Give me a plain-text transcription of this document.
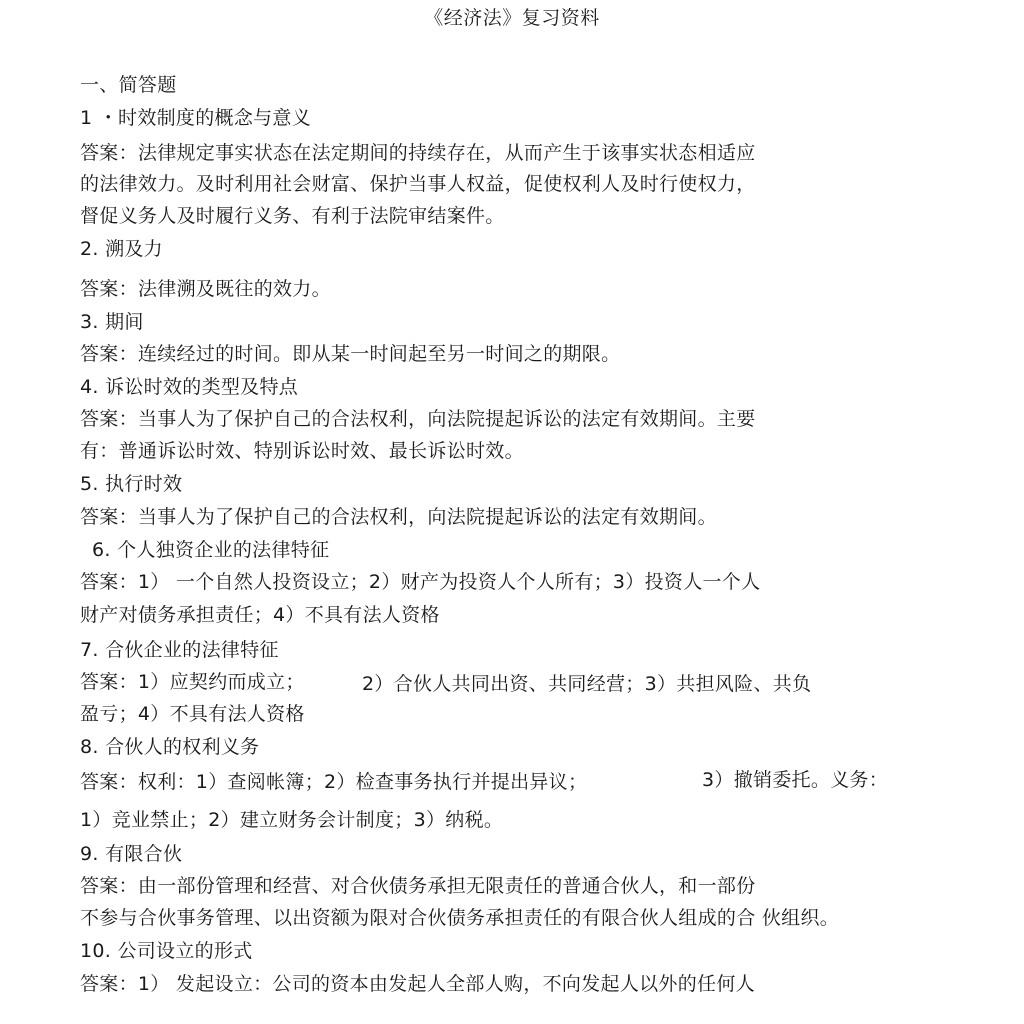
《经济法》复习资料
一、简答题
1 ・时效制度的概念与意义
答案：法律规定事实状态在法定期间的持续存在，从而产生于该事实状态相适应
的法律效力。及时利用社会财富、保护当事人权益，促使权利人及时行使权力，
督促义务人及时履行义务、有利于法院审结案件。
2. 溯及力
答案：法律溯及既往的效力。
3. 期间
答案：连续经过的时间。即从某一时间起至另一时间之的期限。
4. 诉讼时效的类型及特点
答案：当事人为了保护自己的合法权利，向法院提起诉讼的法定有效期间。主要
有：普通诉讼时效、特别诉讼时效、最长诉讼时效。
5. 执行时效
答案：当事人为了保护自己的合法权利，向法院提起诉讼的法定有效期间。
6. 个人独资企业的法律特征
答案：1） 一个自然人投资设立；2）财产为投资人个人所有；3）投资人一个人
财产对债务承担责任；4）不具有法人资格
7. 合伙企业的法律特征
答案：1）应契约而成立；	2）合伙人共同出资、共同经营；3）共担风险、共负
盈亏；4）不具有法人资格
8. 合伙人的权利义务
答案：权利：1）查阅帐簿；2）检查事务执行并提出异议；	3）撤销委托。义务：
1）竞业禁止；2）建立财务会计制度；3）纳税。
9. 有限合伙
答案：由一部份管理和经营、对合伙债务承担无限责任的普通合伙人，和一部份
不参与合伙事务管理、以出资额为限对合伙债务承担责任的有限合伙人组成的合 伙组织。
10. 公司设立的形式
答案：1） 发起设立：公司的资本由发起人全部人购，不向发起人以外的任何人
